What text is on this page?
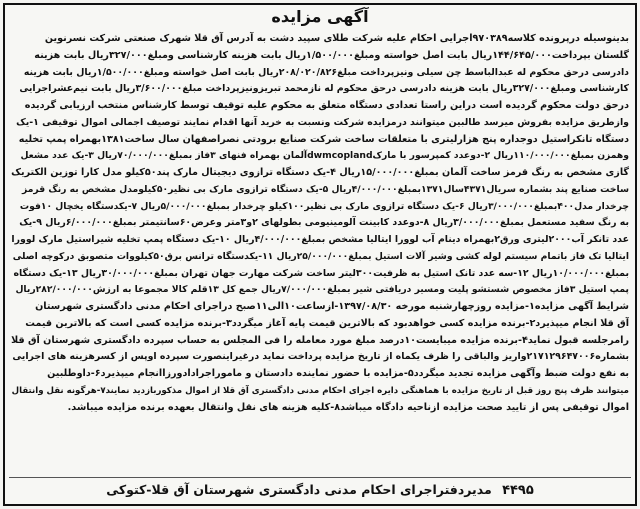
آگهی مزایده

بدینوسیله درپرونده کلاسه۹۷۰۳۸۹اجرایی احکام علیه شرکت طلای سپید دشت به آدرس آق قلا شهرک صنعتی شرکت نسرنوین

گلستان بپرداخت۱۴۴/۶۴۵/۰۰۰ریال بابت اصل خواسته ومبلغ۱/۵۰۰/۰۰۰ریال بابت هزینه کارشناسی ومبلغ۳۲۷/۰۰۰ریال بابت هزینه

دادرسی درحق محکوم له عبدالباسط چن سیلی ونیزپرداخت مبلغ۲۰۸/۰۲۰/۸۲۶ریال بابت اصل خواسته ومبلغ۱/۵۰۰/۰۰۰ریال بابت هزینه

کارشناسی ومبلغ۳۲۷/۰۰۰ریال بابت هزینه دادرسی درحق محکوم له نازمحمد تبریزونیزپرداخت مبلغ۳/۶۰۰/۰۰۰ریال بابت نیم‌عشراجرایی

درحق دولت محکوم گردیده است دراین راستا تعدادی دستگاه متعلق به محکوم علیه توقیف توسط کارشناس منتخب ارزیابی گردیده

وازطریق مزایده بفروش میرسد طالبین میتوانند درمزایده شرکت ونسبت به خرید آنها اقدام نمایند توصیف اجمالی اموال توقیفی ۱-یک

دستگاه تانکراستیل دوجداره پنج هزارلیتری با متعلقات ساخت شرکت صنایع برودتی نصراصفهان سال ساخت۱۳۸۱بهمراه پمپ تخلیه

وهمزن بمبلغ۱۱۰/۰۰۰/۰۰۰ریال ۲-دوعدد کمپرسور با مارکdwmcoplandآلمان بهمراه فنهای ۳فاز بمبلغ۷۰/۰۰۰/۰۰۰ریال ۳-یک عدد مشعل

گازی مشخص به رنگ قرمز ساخت آلمان بمبلغ۱۵/۰۰۰/۰۰۰ریال ۴-یک دستگاه ترازوی دیجیتال مارک پند۵۰کیلو مدل کارا توزین الکتریک

ساخت صنایع پند بشماره سریال۴۳۷۱سال۱۳۷۱بمبلغ۴/۰۰۰/۰۰۰ریال ۵-یک دستگاه ترازوی مارک بی نظیر۵۰کیلومدل مشخص به رنگ قرمز

چرخدار مدل۴۰۰بمبلغ۳/۰۰۰/۰۰۰ریال ۶-یک دستگاه ترازوی مارک بی نظیر۱۰۰کیلو چرخدار بمبلغ۵/۰۰۰/۰۰۰ریال ۷-یکدستگاه یخچال ۱۰فوت

به رنگ سفید مستعمل بمبلغ۳/۰۰۰/۰۰۰ریال ۸-دوعدد کابینت آلومینیومی بطولهای ۲و۳متر وعرض۶۰سانتیمتر بمبلغ۶/۰۰۰/۰۰۰ریال ۹-یک

عدد تانکر آب۲۰۰۰لیتری ورق۲بهمراه دینام آب لوورا ایتالیا مشخص بمبلغ۴/۰۰۰/۰۰۰ریال ۱۰-یک دستگاه پمپ تخلیه شیراستیل مارک لوورا

ایتالیا تک فاز باتمام سیستم لوله کشی وشیر آلات استیل بمبلغ۲۵/۰۰۰/۰۰۰ریال ۱۱-یکدستگاه ترانس برق۵۰کیلووات متصوبق درکوچه اصلی

بمبلغ۱۰/۰۰۰/۰۰۰ریال ۱۲-سه عدد تانک استیل به ظرفیت۳۰۰لیتر ساخت شرکت مهارت جهان تهران بمبلغ۳۰/۰۰۰/۰۰۰ریال ۱۳-یک دستگاه

پمپ استیل ۳فاز مخصوص شستشو پلیت ومسیر دریافتی شیر بمبلغ۷/۰۰۰/۰۰۰ریال جمع کل ۱۳قلم کالا مجموعا به ارزش۲۸۲/۰۰۰/۰۰۰ریال

شرایط آگهی مزایده۱-مزایده روزچهارشنبه مورخه ۱۳۹۷/۰۸/۳۰-ازساعت۱۰الی۱۱صبح دراجرای احکام مدنی دادگستری شهرستان

آق قلا انجام میپذیرد۲-برنده مزایده کسی خواهدبود که بالاترین قیمت پایه آغاز میگردد۳-برنده مزایده کسی است که بالاترین قیمت

رامرجلسه قبول نماید۴-برنده مزایده میبایست۱۰درصد مبلغ مورد معامله را فی المجلس به حساب سپرده دادگستری شهرستان آق قلا

بشماره۲۱۷۱۲۹۶۴۷۰۰۶واریز والباقی را ظرف یکماه از تاریخ مزایده پرداخت نماید درغیراینصورت سپرده اوپس از کسرهزینه های اجرایی

به نفع دولت ضبط وآگهی مزایده تجدید میگردد۵-مزایده با حضور نماینده دادستان و ماموراجرادادورزاانجام میپذیرد۶-داوطلبین

میتوانند ظرف پنج روز قبل از تاریخ مزایده با هماهنگی دایره اجرای احکام مدنی دادگستری آق قلا از اموال مذکوربازدید نمایند۷-هرگونه نقل وانتقال

اموال توقیفی پس از تایید صحت مزایده ازناحیه دادگاه میباشد۸-کلیه هزینه های نقل وانتقال بعهده برنده مزایده میباشد.

۴۴۹۵ مدیردفتراجرای احکام مدنی دادگستری شهرستان آق قلا-کتوکی
